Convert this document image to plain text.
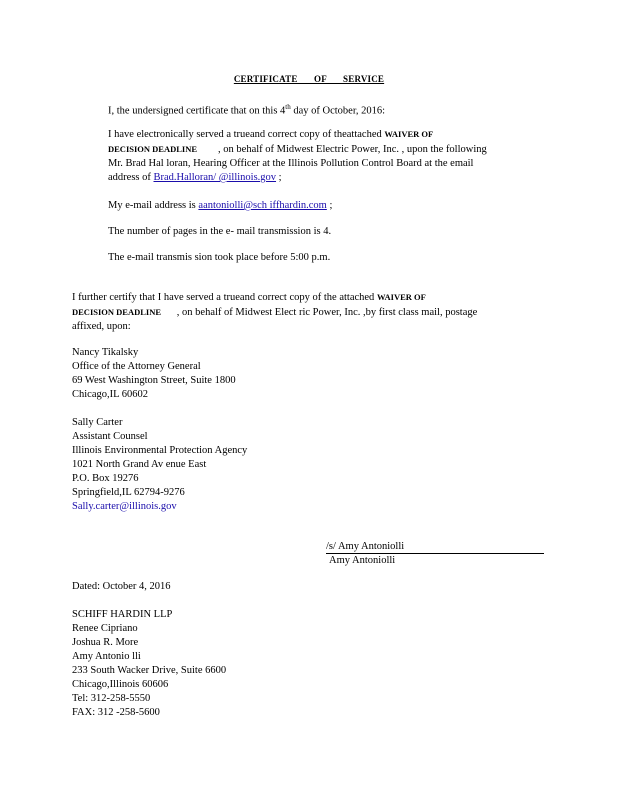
CERTIFICATE OF SERVICE
I, the undersigned certificate that on this 4th day of October, 2016:
I have electronically served a trueand correct copy of theattached WAIVER OF
DECISION DEADLINE , on behalf of Midwest Electric Power, Inc. , upon the following
Mr. Brad Hal loran, Hearing Officer at the Illinois Pollution Control Board at the email
address of Brad.Halloran/ @illinois.gov ;
My e-mail address is aantoniolli@sch iffhardin.com ;
The number of pages in the e- mail transmission is 4.
The e-mail transmis sion took place before 5:00 p.m.
I further certify that I have served a trueand correct copy of the attached WAIVER OF
DECISION DEADLINE , on behalf of Midwest Elect ric Power, Inc. ,by first class mail, postage
affixed, upon:
Nancy Tikalsky
Office of the Attorney General
69 West Washington Street, Suite 1800
Chicago,IL 60602
Sally Carter
Assistant Counsel
Illinois Environmental Protection Agency
1021 North Grand Av enue East
P.O. Box 19276
Springfield,IL 62794-9276
Sally.carter@illinois.gov
/s/ Amy Antoniolli
Amy Antoniolli
Dated: October 4, 2016
SCHIFF HARDIN LLP
Renee Cipriano
Joshua R. More
Amy Antonio lli
233 South Wacker Drive, Suite 6600
Chicago,Illinois 60606
Tel: 312-258-5550
FAX: 312 -258-5600
